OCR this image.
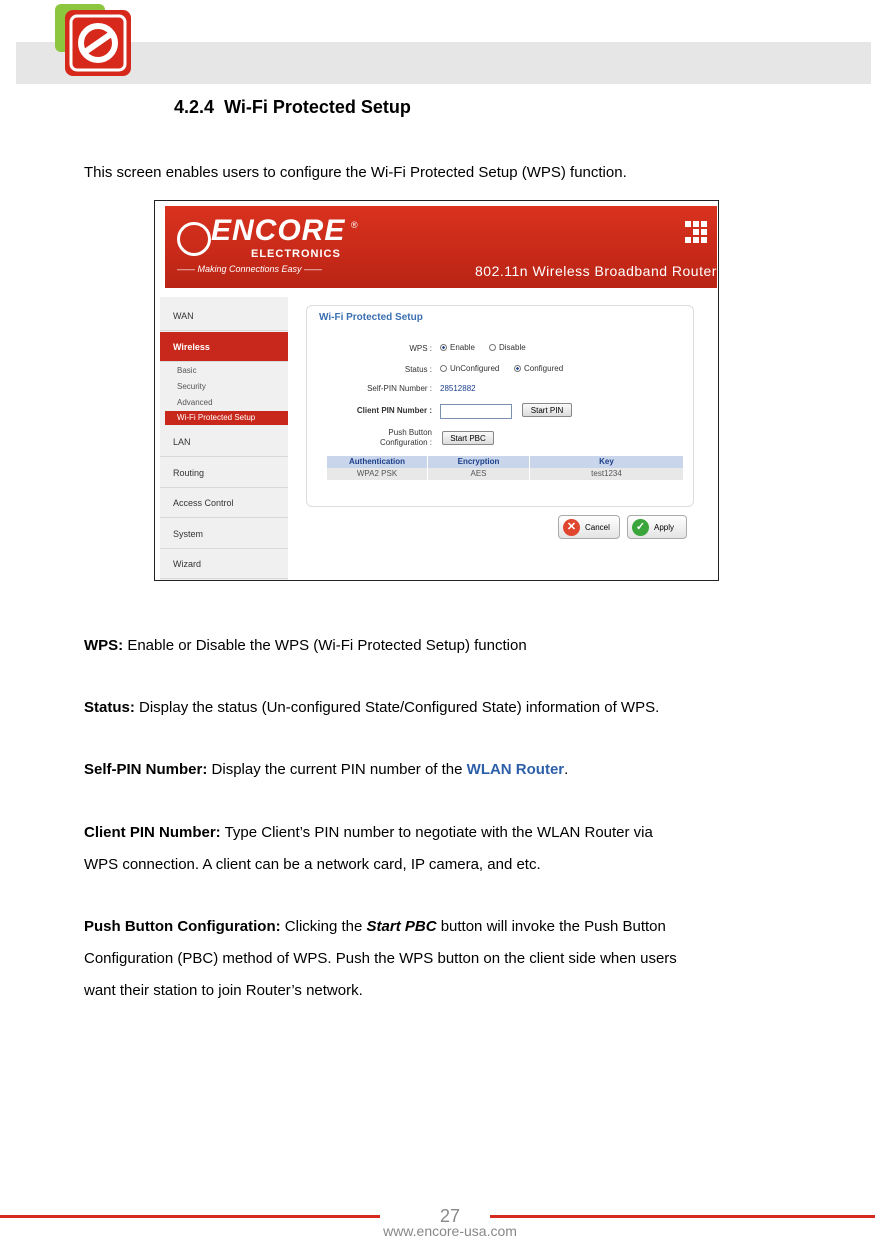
4.2.4 Wi-Fi Protected Setup
This screen enables users to configure the Wi-Fi Protected Setup (WPS) function.
ENCORE ®
ELECTRONICS
—— Making Connections Easy ——	802.11n Wireless Broadband Router
WAN
Wireless
Basic
Security
Advanced
Wi-Fi Protected Setup
LAN
Routing
Access Control
System
Wizard
Wi-Fi Protected Setup
WPS :	Enable	Disable
Status :	UnConfigured	Configured
Self-PIN Number : 28512882
Client PIN Number :	Start PIN
Push Button
Configuration :	Start PBC
Authentication	Encryption	Key
WPA2 PSK	AES	test1234
✕	Cancel	✓	Apply
WPS: Enable or Disable the WPS (Wi-Fi Protected Setup) function
Status: Display the status (Un-configured State/Configured State) information of WPS.
Self-PIN Number: Display the current PIN number of the WLAN Router.
Client PIN Number: Type Client’s PIN number to negotiate with the WLAN Router via
WPS connection. A client can be a network card, IP camera, and etc.
Push Button Configuration: Clicking the Start PBC button will invoke the Push Button
Configuration (PBC) method of WPS. Push the WPS button on the client side when users
want their station to join Router’s network.
27
www.encore-usa.com
